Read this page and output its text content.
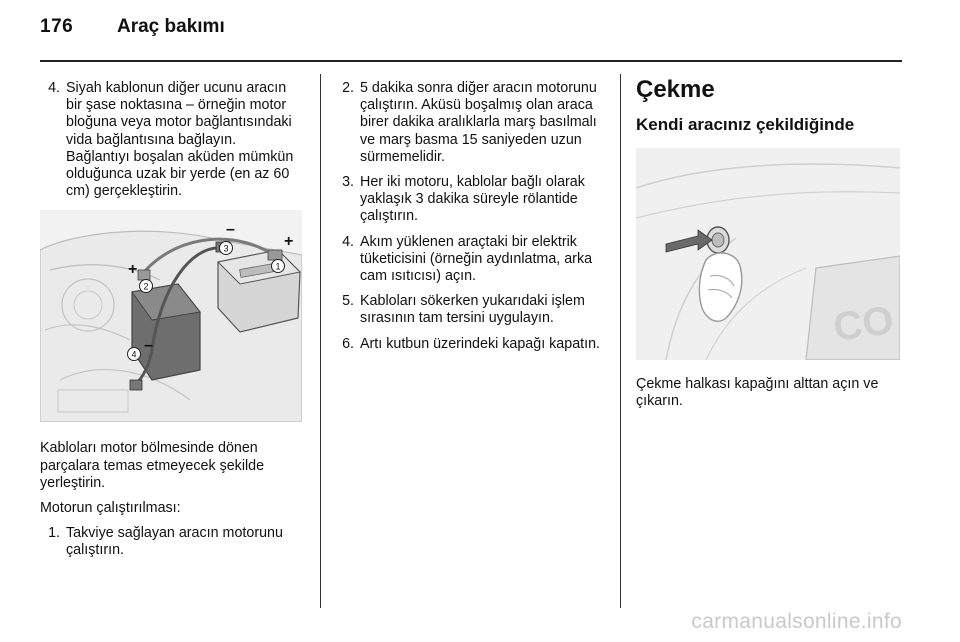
176 Araç bakımı
4. Siyah kablonun diğer ucunu aracın bir şase noktasına – örneğin motor bloğuna veya motor bağlantısındaki vida bağlantısına bağlayın. Bağlantıyı boşalan aküden mümkün olduğunca uzak bir yerde (en az 60 cm) gerçekleştirin.
+
–
+
–
1
2
3
4

Kabloları motor bölmesinde dönen parçalara temas etmeyecek şekilde yerleştirin.

Motorun çalıştırılması:

1. Takviye sağlayan aracın motorunu çalıştırın.
2. 5 dakika sonra diğer aracın motorunu çalıştırın. Aküsü boşalmış olan araca birer dakika aralıklarla marş basılmalı ve marş basma 15 saniyeden uzun sürmemelidir.
3. Her iki motoru, kablolar bağlı olarak yaklaşık 3 dakika süreyle rölantide çalıştırın.
4. Akım yüklenen araçtaki bir elektrik tüketicisini (örneğin aydınlatma, arka cam ısıtıcısı) açın.
5. Kabloları sökerken yukarıdaki işlem sırasının tam tersini uygulayın.
6. Artı kutbun üzerindeki kapağı kapatın.
Çekme
Kendi aracınız çekildiğinde
CO

Çekme halkası kapağını alttan açın ve çıkarın.

carmanualsonline.info
